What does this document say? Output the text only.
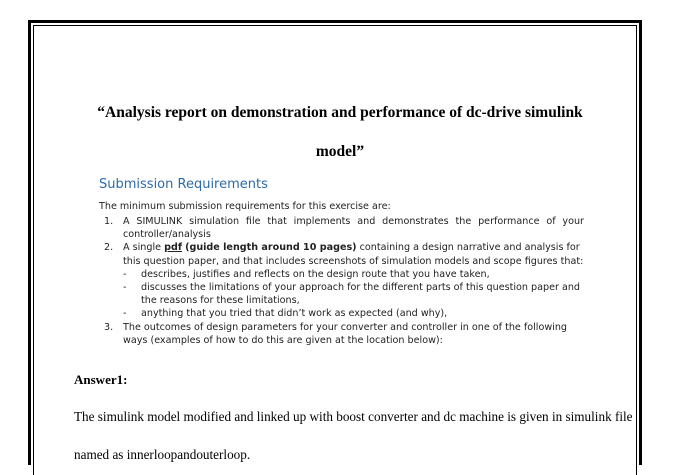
“Analysis report on demonstration and performance of dc-drive simulink
model”
Submission Requirements
The minimum submission requirements for this exercise are:
1. A SIMULINK simulation file that implements and demonstrates the performance of your controller/analysis
2. A single pdf (guide length around 10 pages) containing a design narrative and analysis for this question paper, and that includes screenshots of simulation models and scope figures that:
- describes, justifies and reflects on the design route that you have taken,
- discusses the limitations of your approach for the different parts of this question paper and the reasons for these limitations,
- anything that you tried that didn’t work as expected (and why),
3. The outcomes of design parameters for your converter and controller in one of the following ways (examples of how to do this are given at the location below):
Answer1:

The simulink model modified and linked up with boost converter and dc machine is given in simulink file named as innerloopandouterloop.
